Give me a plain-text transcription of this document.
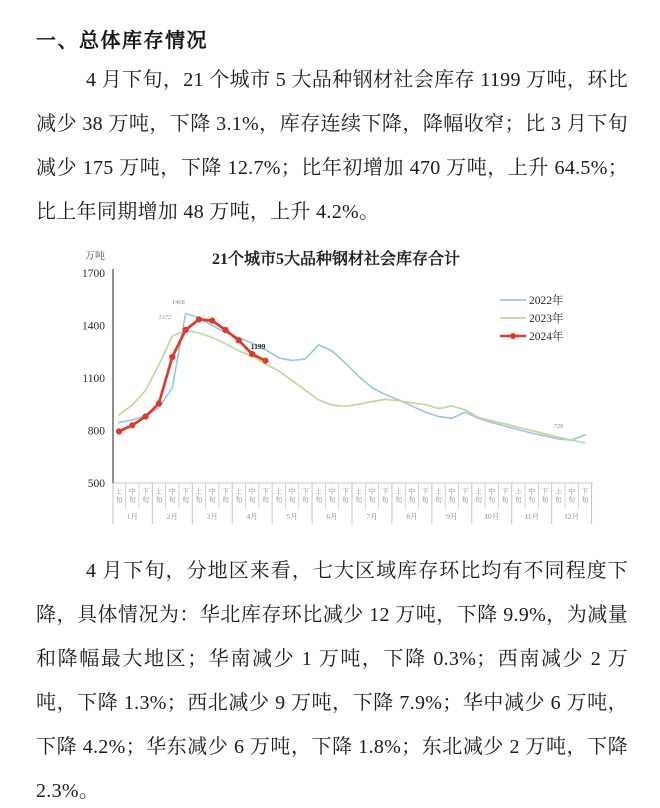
一、总体库存情况

4 月下旬，21 个城市 5 大品种钢材社会库存 1199 万吨，环比减少 38 万吨，下降 3.1%，库存连续下降，降幅收窄；比 3 月下旬减少 175 万吨，下降 12.7%；比年初增加 470 万吨，上升 64.5%；比上年同期增加 48 万吨，上升 4.2%。

21个城市5大品种钢材社会库存合计
万吨
1700
1400
1100
800
500
上旬
中旬
下旬
上旬
中旬
下旬
上旬
中旬
下旬
上旬
中旬
下旬
上旬
中旬
下旬
上旬
中旬
下旬
上旬
中旬
下旬
上旬
中旬
下旬
上旬
中旬
下旬
上旬
中旬
下旬
上旬
中旬
下旬
上旬
中旬
下旬
1月	2月	3月	4月	5月	6月	7月	8月	9月	10月	11月	12月
1468
1372
1199
729
2022年
2023年
2024年

4 月下旬，分地区来看，七大区域库存环比均有不同程度下降，具体情况为：华北库存环比减少 12 万吨，下降 9.9%，为减量和降幅最大地区；华南减少 1 万吨，下降 0.3%；西南减少 2 万吨，下降 1.3%；西北减少 9 万吨，下降 7.9%；华中减少 6 万吨，下降 4.2%；华东减少 6 万吨，下降 1.8%；东北减少 2 万吨，下降 2.3%。
